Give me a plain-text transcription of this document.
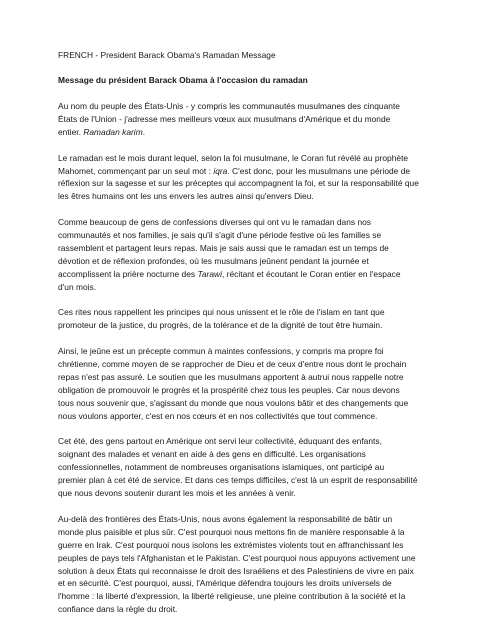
FRENCH - President Barack Obama's Ramadan Message
Message du président Barack Obama à l'occasion du ramadan

Au nom du peuple des États-Unis - y compris les communautés musulmanes des cinquante
États de l'Union - j'adresse mes meilleurs vœux aux musulmans d'Amérique et du monde
entier. Ramadan karim.

Le ramadan est le mois durant lequel, selon la foi musulmane, le Coran fut révélé au prophète
Mahomet, commençant par un seul mot : iqra. C'est donc, pour les musulmans une période de
réflexion sur la sagesse et sur les préceptes qui accompagnent la foi, et sur la responsabilité que
les êtres humains ont les uns envers les autres ainsi qu'envers Dieu.

Comme beaucoup de gens de confessions diverses qui ont vu le ramadan dans nos
communautés et nos familles, je sais qu'il s'agit d'une période festive où les familles se
rassemblent et partagent leurs repas. Mais je sais aussi que le ramadan est un temps de
dévotion et de réflexion profondes, où les musulmans jeûnent pendant la journée et
accomplissent la prière nocturne des Tarawi, récitant et écoutant le Coran entier en l'espace
d'un mois.

Ces rites nous rappellent les principes qui nous unissent et le rôle de l'islam en tant que
promoteur de la justice, du progrès, de la tolérance et de la dignité de tout être humain.

Ainsi, le jeûne est un précepte commun à maintes confessions, y compris ma propre foi
chrétienne, comme moyen de se rapprocher de Dieu et de ceux d'entre nous dont le prochain
repas n'est pas assuré. Le soutien que les musulmans apportent à autrui nous rappelle notre
obligation de promouvoir le progrès et la prospérité chez tous les peuples. Car nous devons
tous nous souvenir que, s'agissant du monde que nous voulons bâtir et des changements que
nous voulons apporter, c'est en nos cœurs et en nos collectivités que tout commence.

Cet été, des gens partout en Amérique ont servi leur collectivité, éduquant des enfants,
soignant des malades et venant en aide à des gens en difficulté. Les organisations
confessionnelles, notamment de nombreuses organisations islamiques, ont participé au
premier plan à cet été de service. Et dans ces temps difficiles, c'est là un esprit de responsabilité
que nous devons soutenir durant les mois et les années à venir.

Au-delà des frontières des États-Unis, nous avons également la responsabilité de bâtir un
monde plus paisible et plus sûr. C'est pourquoi nous mettons fin de manière responsable à la
guerre en Irak. C'est pourquoi nous isolons les extrémistes violents tout en affranchissant les
peuples de pays tels l'Afghanistan et le Pakistan. C'est pourquoi nous appuyons activement une
solution à deux États qui reconnaisse le droit des Israéliens et des Palestiniens de vivre en paix
et en sécurité. C'est pourquoi, aussi, l'Amérique défendra toujours les droits universels de
l'homme : la liberté d'expression, la liberté religieuse, une pleine contribution à la société et la
confiance dans la règle du droit.
